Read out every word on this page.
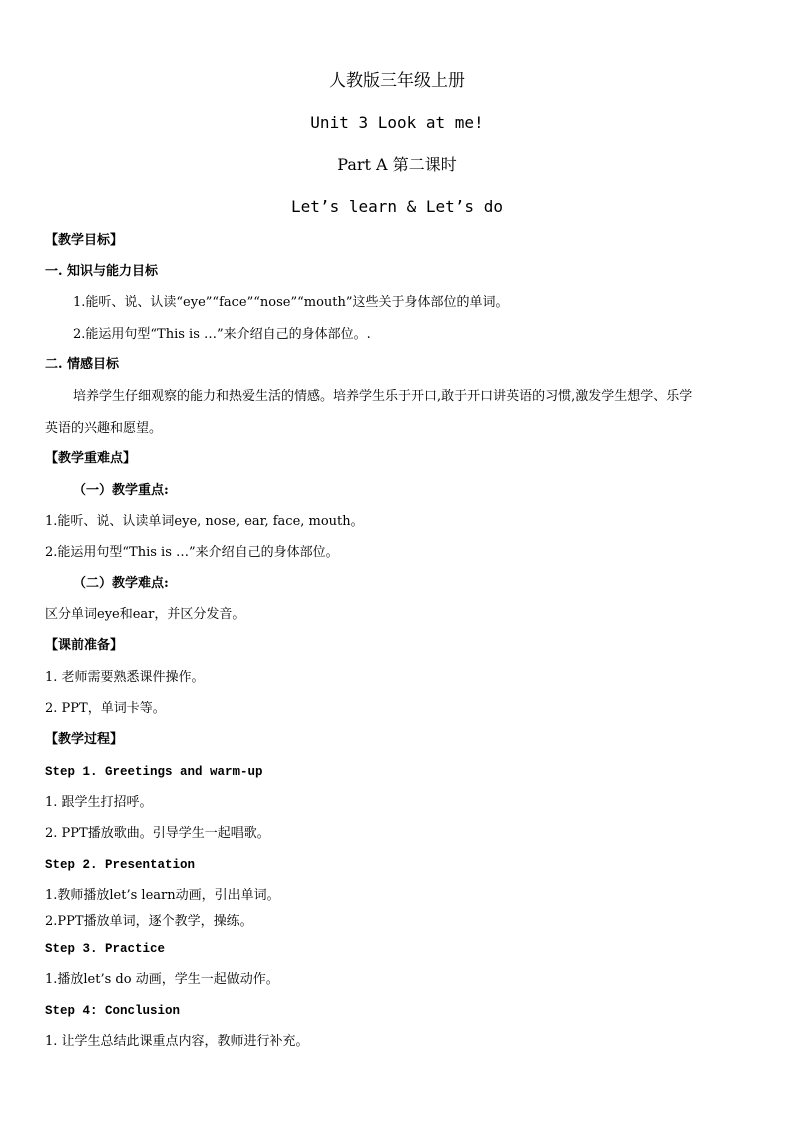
人教版三年级上册
Unit 3 Look at me!
Part A 第二课时
Let’s learn & Let’s do
【教学目标】
一. 知识与能力目标
1.能听、说、认读“eye”“face”“nose”“mouth”这些关于身体部位的单词。
2.能运用句型“This is …”来介绍自己的身体部位。.
二. 情感目标
培养学生仔细观察的能力和热爱生活的情感。培养学生乐于开口,敢于开口讲英语的习惯,激发学生想学、乐学
英语的兴趣和愿望。
【教学重难点】
（一）教学重点:
1.能听、说、认读单词eye, nose, ear, face, mouth。
2.能运用句型“This is …”来介绍自己的身体部位。
（二）教学难点:
区分单词eye和ear，并区分发音。
【课前准备】
1. 老师需要熟悉课件操作。
2. PPT，单词卡等。
【教学过程】
Step 1. Greetings and warm-up
1. 跟学生打招呼。
2. PPT播放歌曲。引导学生一起唱歌。
Step 2. Presentation
1.教师播放let’s learn动画，引出单词。
2.PPT播放单词，逐个教学，操练。
Step 3. Practice
1.播放let’s do 动画，学生一起做动作。
Step 4: Conclusion
1. 让学生总结此课重点内容，教师进行补充。
